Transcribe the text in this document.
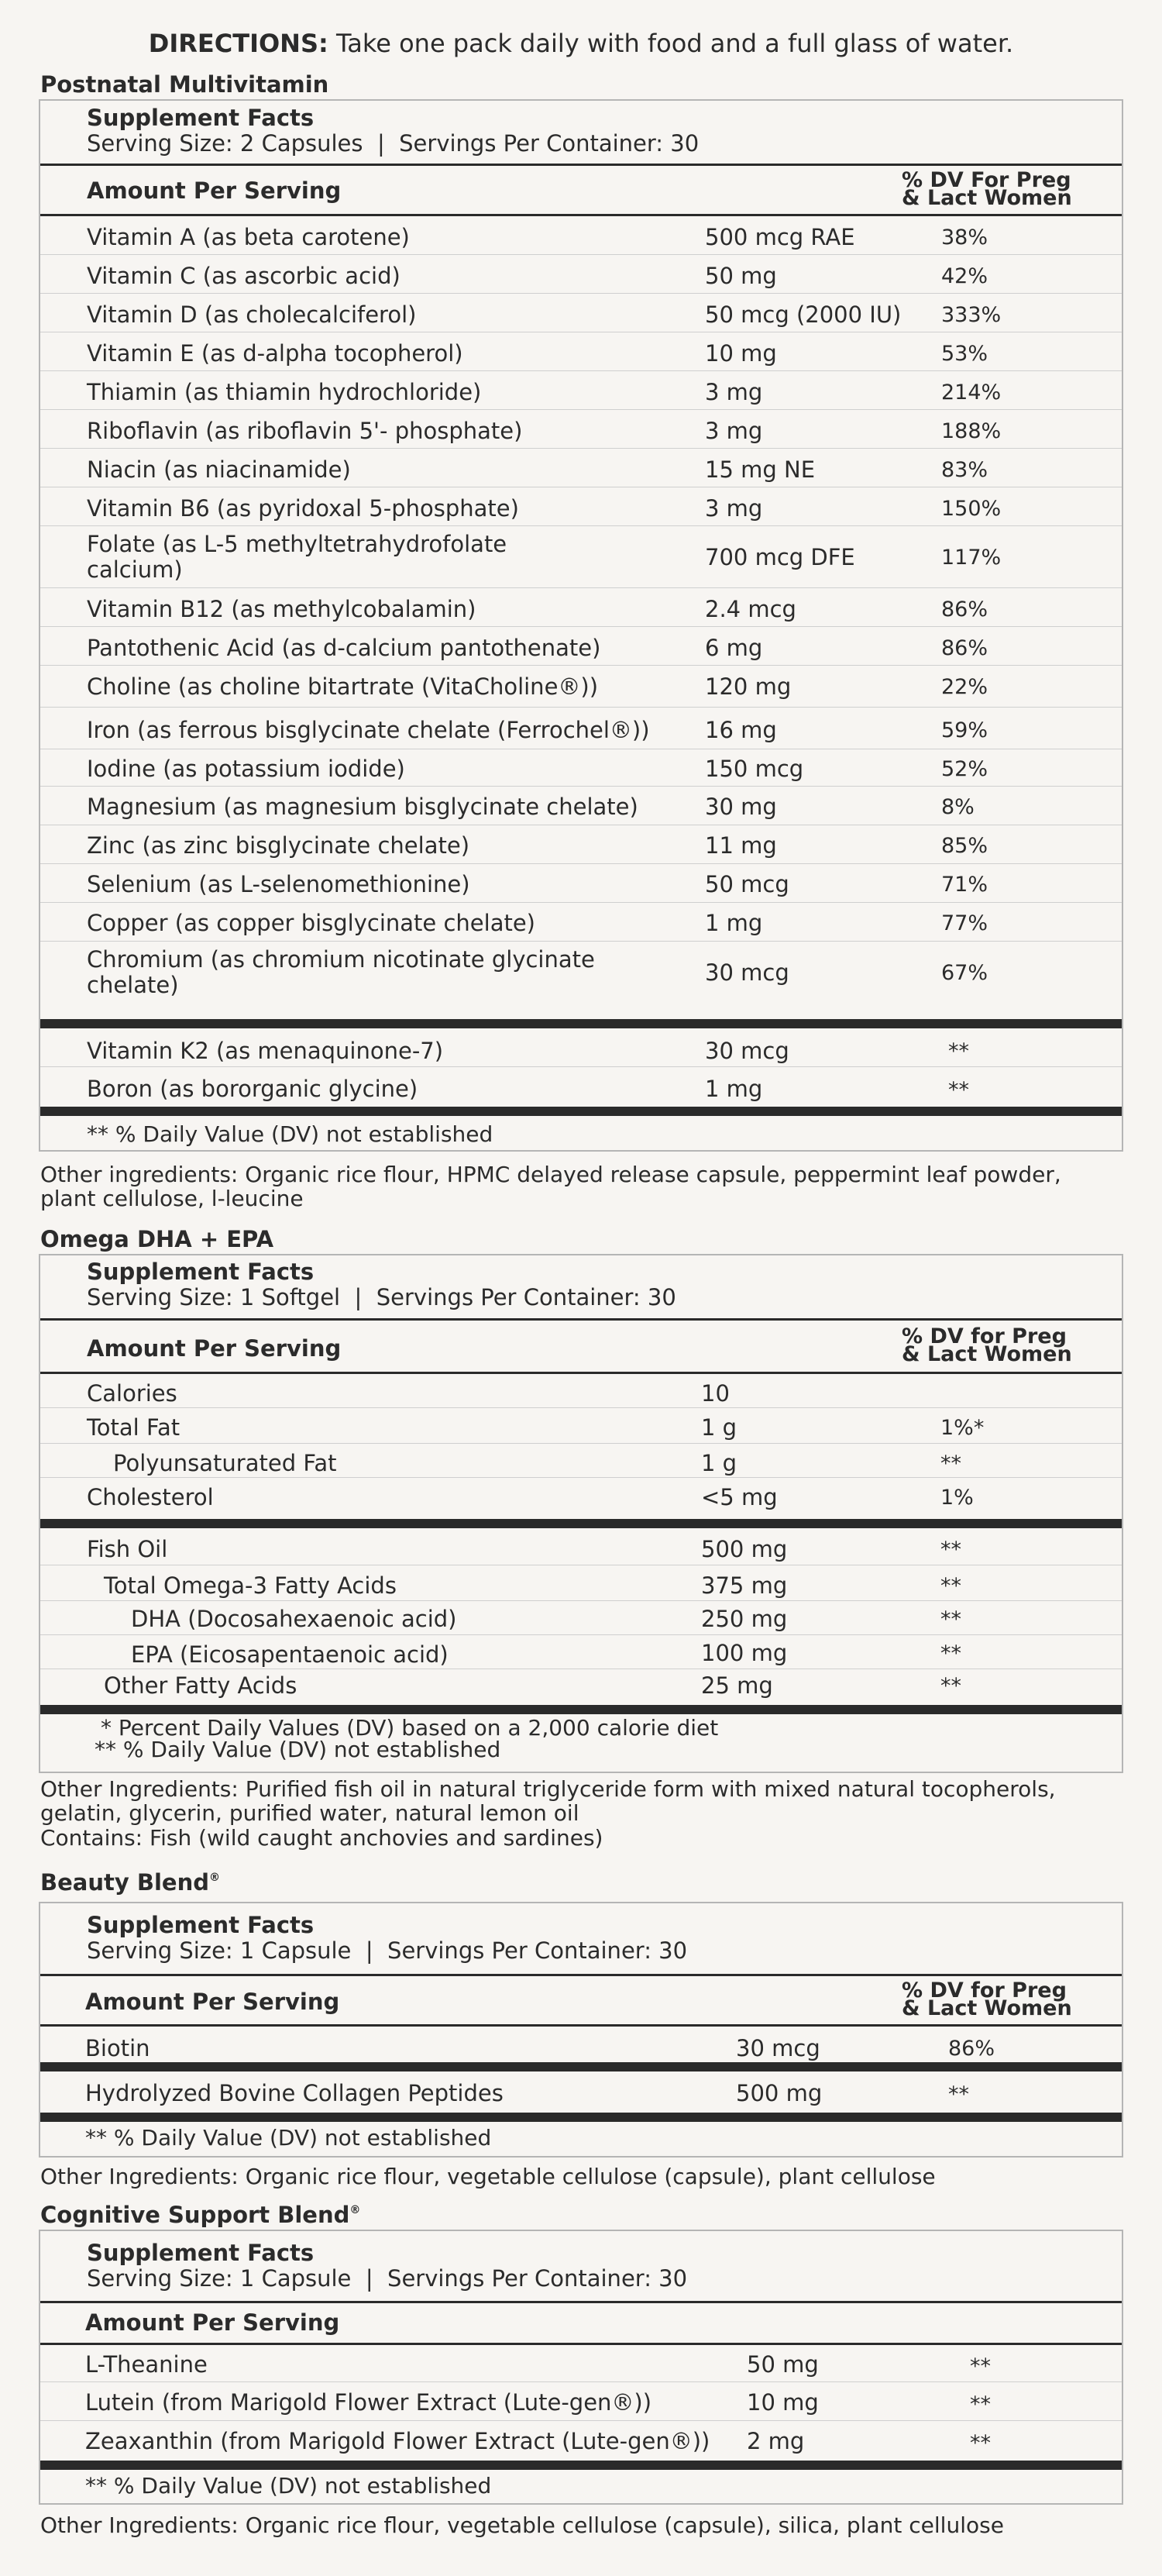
DIRECTIONS: Take one pack daily with food and a full glass of water.
Postnatal Multivitamin
Supplement Facts
Serving Size: 2 Capsules  |  Servings Per Container: 30
Amount Per Serving	% DV For Preg
& Lact Women
Vitamin A (as beta carotene)	500 mcg RAE	38%
Vitamin C (as ascorbic acid)	50 mg	42%
Vitamin D (as cholecalciferol)	50 mcg (2000 IU) 333%
Vitamin E (as d-alpha tocopherol)	10 mg	53%
Thiamin (as thiamin hydrochloride)	3 mg	214%
Riboflavin (as riboflavin 5'- phosphate)	3 mg	188%
Niacin (as niacinamide)	15 mg NE	83%
Vitamin B6 (as pyridoxal 5-phosphate)	3 mg	150%
Folate (as L-5 methyltetrahydrofolate
calcium)	700 mcg DFE	117%
Vitamin B12 (as methylcobalamin)	2.4 mcg	86%
Pantothenic Acid (as d-calcium pantothenate)	6 mg	86%
Choline (as choline bitartrate (VitaCholine®))	120 mg	22%
Iron (as ferrous bisglycinate chelate (Ferrochel®)) 16 mg	59%
Iodine (as potassium iodide)	150 mcg	52%
Magnesium (as magnesium bisglycinate chelate)	30 mg	8%
Zinc (as zinc bisglycinate chelate)	11 mg	85%
Selenium (as L-selenomethionine)	50 mcg	71%
Copper (as copper bisglycinate chelate)	1 mg	77%
Chromium (as chromium nicotinate glycinate
chelate)	30 mcg	67%
Vitamin K2 (as menaquinone-7)	30 mcg	**
Boron (as bororganic glycine)	1 mg	**
** % Daily Value (DV) not established
Other ingredients: Organic rice flour, HPMC delayed release capsule, peppermint leaf powder,
plant cellulose, l-leucine
Omega DHA + EPA
Supplement Facts
Serving Size: 1 Softgel  |  Servings Per Container: 30
Amount Per Serving	% DV for Preg
& Lact Women
Calories	10
Total Fat	1 g	1%*
Polyunsaturated Fat	1 g	**
Cholesterol	<5 mg	1%
Fish Oil	500 mg	**
Total Omega-3 Fatty Acids	375 mg	**
DHA (Docosahexaenoic acid)	250 mg	**
EPA (Eicosapentaenoic acid)	100 mg	**
Other Fatty Acids	25 mg	**
* Percent Daily Values (DV) based on a 2,000 calorie diet
** % Daily Value (DV) not established
Other Ingredients: Purified fish oil in natural triglyceride form with mixed natural tocopherols,
gelatin, glycerin, purified water, natural lemon oil
Contains: Fish (wild caught anchovies and sardines)
Beauty Blend®
Supplement Facts
Serving Size: 1 Capsule  |  Servings Per Container: 30
Amount Per Serving	% DV for Preg
& Lact Women
Biotin	30 mcg	86%
Hydrolyzed Bovine Collagen Peptides	500 mg	**
** % Daily Value (DV) not established
Other Ingredients: Organic rice flour, vegetable cellulose (capsule), plant cellulose
Cognitive Support Blend®
Supplement Facts
Serving Size: 1 Capsule  |  Servings Per Container: 30
Amount Per Serving
L-Theanine	50 mg	**
Lutein (from Marigold Flower Extract (Lute-gen®))	10 mg	**
Zeaxanthin (from Marigold Flower Extract (Lute-gen®)) 2 mg	**
** % Daily Value (DV) not established
Other Ingredients: Organic rice flour, vegetable cellulose (capsule), silica, plant cellulose
